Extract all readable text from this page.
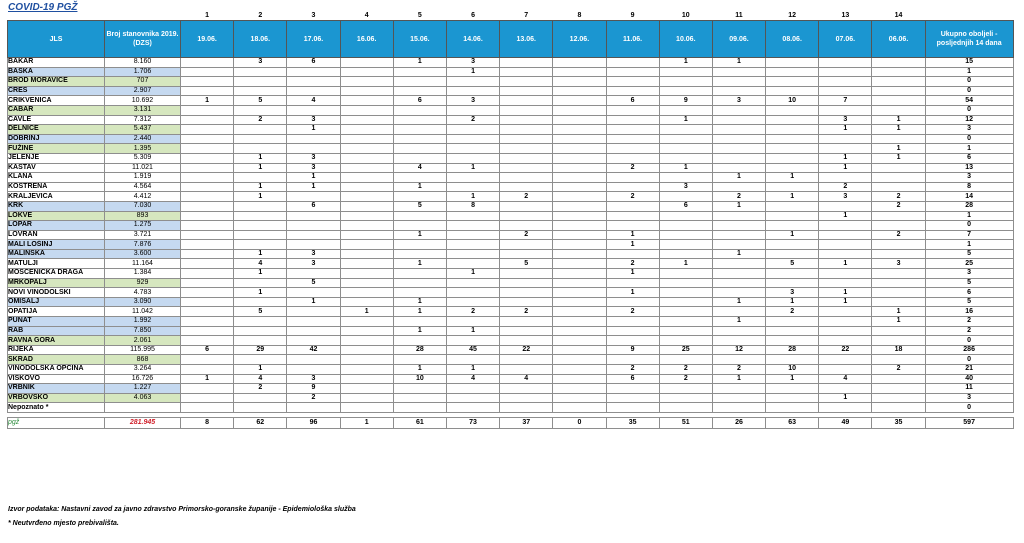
COVID-19 PGŽ
		1	2	3	4	5	6	7	8	9	10	11	12	13	14	
JLS	Broj stanovnika 2019. (DZS)	19.06.	18.06.	17.06.	16.06.	15.06.	14.06.	13.06.	12.06.	11.06.	10.06.	09.06.	08.06.	07.06.	06.06.	Ukupno oboljeli - posljednjih 14 dana
BAKAR	8.160		3	6		1	3				1	1				15
BAŠKA	1.706						1									1
BROD MORAVICE	707															0
CRES	2.907															0
CRIKVENICA	10.692	1	5	4		6	3			6	9	3	10	7		54
ČABAR	3.131															0
ČAVLE	7.312		2	3			2				1			3	1	12
DELNICE	5.437			1										1	1	3
DOBRINJ	2.440															0
FUŽINE	1.395														1	1
JELENJE	5.309		1	3										1	1	6
KASTAV	11.021		1	3		4	1			2	1			1		13
KLANA	1.919			1								1	1			3
KOSTRENA	4.564		1	1		1					3			2		8
KRALJEVICA	4.412		1				1	2		2		2	1	3	2	14
KRK	7.030			6		5	8				6	1			2	28
LOKVE	893													1		1
LOPAR	1.275															0
LOVRAN	3.721					1		2		1			1		2	7
MALI LOŠINJ	7.876									1						1
MALINSKA	3.600		1	3								1				5
MATULJI	11.164		4	3		1		5		2	1		5	1	3	25
MOŠĆENIČKA DRAGA	1.384		1				1			1						3
MRKOPALJ	929			5												5
NOVI VINODOLSKI	4.783		1							1			3	1		6
OMIŠALJ	3.090			1		1						1	1	1		5
OPATIJA	11.042		5		1	1	2	2		2			2		1	16
PUNAT	1.992											1			1	2
RAB	7.850					1	1									2
RAVNA GORA	2.061															0
RIJEKA	115.995	6	29	42		28	45	22		9	25	12	28	22	18	286
SKRAD	868															0
VINODOLSKA OPĆINA	3.264		1			1	1			2	2	2	10		2	21
VIŠKOVO	16.726	1	4	3		10	4	4		6	2	1	1	4		40
VRBNIK	1.227		2	9												11
VRBOVSKO	4.063			2										1		3
Nepoznato *																0

pgž	281.945	8	62	96	1	61	73	37	0	35	51	26	63	49	35	597
Izvor podataka: Nastavni zavod za javno zdravstvo Primorsko-goranske županije - Epidemiološka služba
* Neutvrđeno mjesto prebivališta.
